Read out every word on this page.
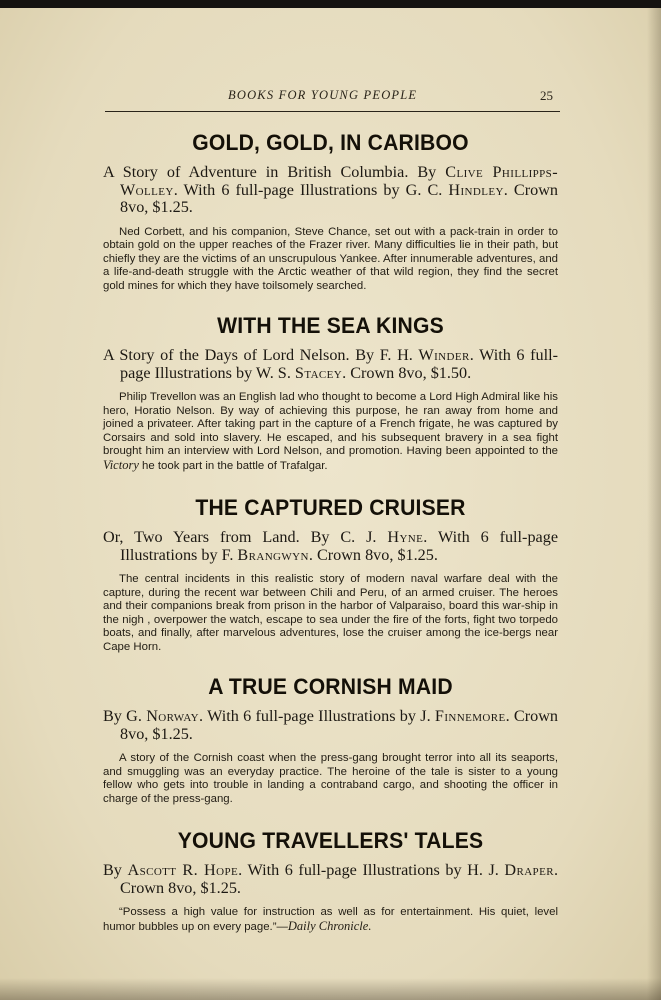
BOOKS FOR YOUNG PEOPLE	25
GOLD, GOLD, IN CARIBOO

A Story of Adventure in British Columbia. By Clive Phillipps-Wolley. With 6 full-page Illustrations by G. C. Hindley. Crown 8vo, $1.25.

Ned Corbett, and his companion, Steve Chance, set out with a pack-train in order to obtain gold on the upper reaches of the Frazer river. Many difficulties lie in their path, but chiefly they are the victims of an unscrupulous Yankee. After innumerable adventures, and a life-and-death struggle with the Arctic weather of that wild region, they find the secret gold mines for which they have toilsomely searched.

WITH THE SEA KINGS

A Story of the Days of Lord Nelson. By F. H. Winder. With 6 full-page Illustrations by W. S. Stacey. Crown 8vo, $1.50.

Philip Trevellon was an English lad who thought to become a Lord High Admiral like his hero, Horatio Nelson. By way of achieving this purpose, he ran away from home and joined a privateer. After taking part in the capture of a French frigate, he was captured by Corsairs and sold into slavery. He escaped, and his subsequent bravery in a sea fight brought him an interview with Lord Nelson, and promotion. Having been appointed to the Victory he took part in the battle of Trafalgar.

THE CAPTURED CRUISER

Or, Two Years from Land. By C. J. Hyne. With 6 full-page Illustrations by F. Brangwyn. Crown 8vo, $1.25.

The central incidents in this realistic story of modern naval warfare deal with the capture, during the recent war between Chili and Peru, of an armed cruiser. The heroes and their companions break from prison in the harbor of Valparaiso, board this war-ship in the nigh , overpower the watch, escape to sea under the fire of the forts, fight two torpedo boats, and finally, after marvelous adventures, lose the cruiser among the ice-bergs near Cape Horn.

A TRUE CORNISH MAID

By G. Norway. With 6 full-page Illustrations by J. Finnemore. Crown 8vo, $1.25.

A story of the Cornish coast when the press-gang brought terror into all its seaports, and smuggling was an everyday practice. The heroine of the tale is sister to a young fellow who gets into trouble in landing a contraband cargo, and shooting the officer in charge of the press-gang.

YOUNG TRAVELLERS' TALES

By Ascott R. Hope. With 6 full-page Illustrations by H. J. Draper. Crown 8vo, $1.25.

“Possess a high value for instruction as well as for entertainment. His quiet, level humor bubbles up on every page.”—Daily Chronicle.
